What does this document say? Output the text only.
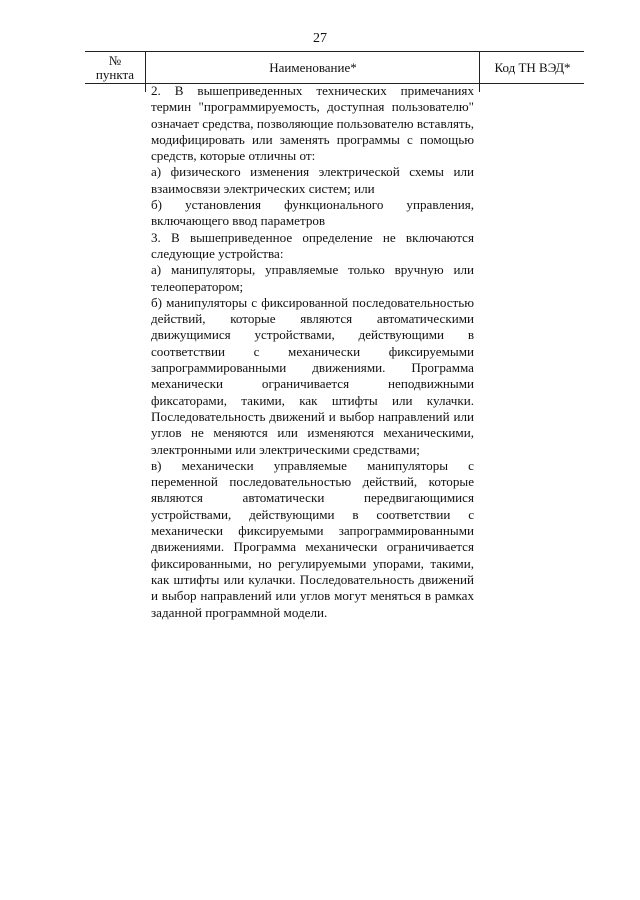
27
№
пункта	Наименование*	Код ТН ВЭД*

2. В вышеприведенных технических примечаниях термин "программируемость, доступная пользователю" означает средства, позволяющие пользователю вставлять, модифицировать или заменять программы с помощью средств, которые отличны от:

а) физического изменения электрической схемы или взаимосвязи электрических систем; или

б) установления функционального управления, включающего ввод параметров

3. В вышеприведенное определение не включаются следующие устройства:

а) манипуляторы, управляемые только вручную или телеоператором;

б) манипуляторы с фиксированной последовательностью действий, которые являются автоматическими движущимися устройствами, действующими в соответствии с механически фиксируемыми запрограммированными движениями. Программа механически ограничивается неподвижными фиксаторами, такими, как штифты или кулачки. Последовательность движений и выбор направлений или углов не меняются или изменяются механическими, электронными или электрическими средствами;

в) механически управляемые манипуляторы с переменной последовательностью действий, которые являются автоматически передвигающимися устройствами, действующими в соответствии с механически фиксируемыми запрограммированными движениями. Программа механически ограничивается фиксированными, но регулируемыми упорами, такими, как штифты или кулачки. Последовательность движений и выбор направлений или углов могут меняться в рамках заданной программной модели.
